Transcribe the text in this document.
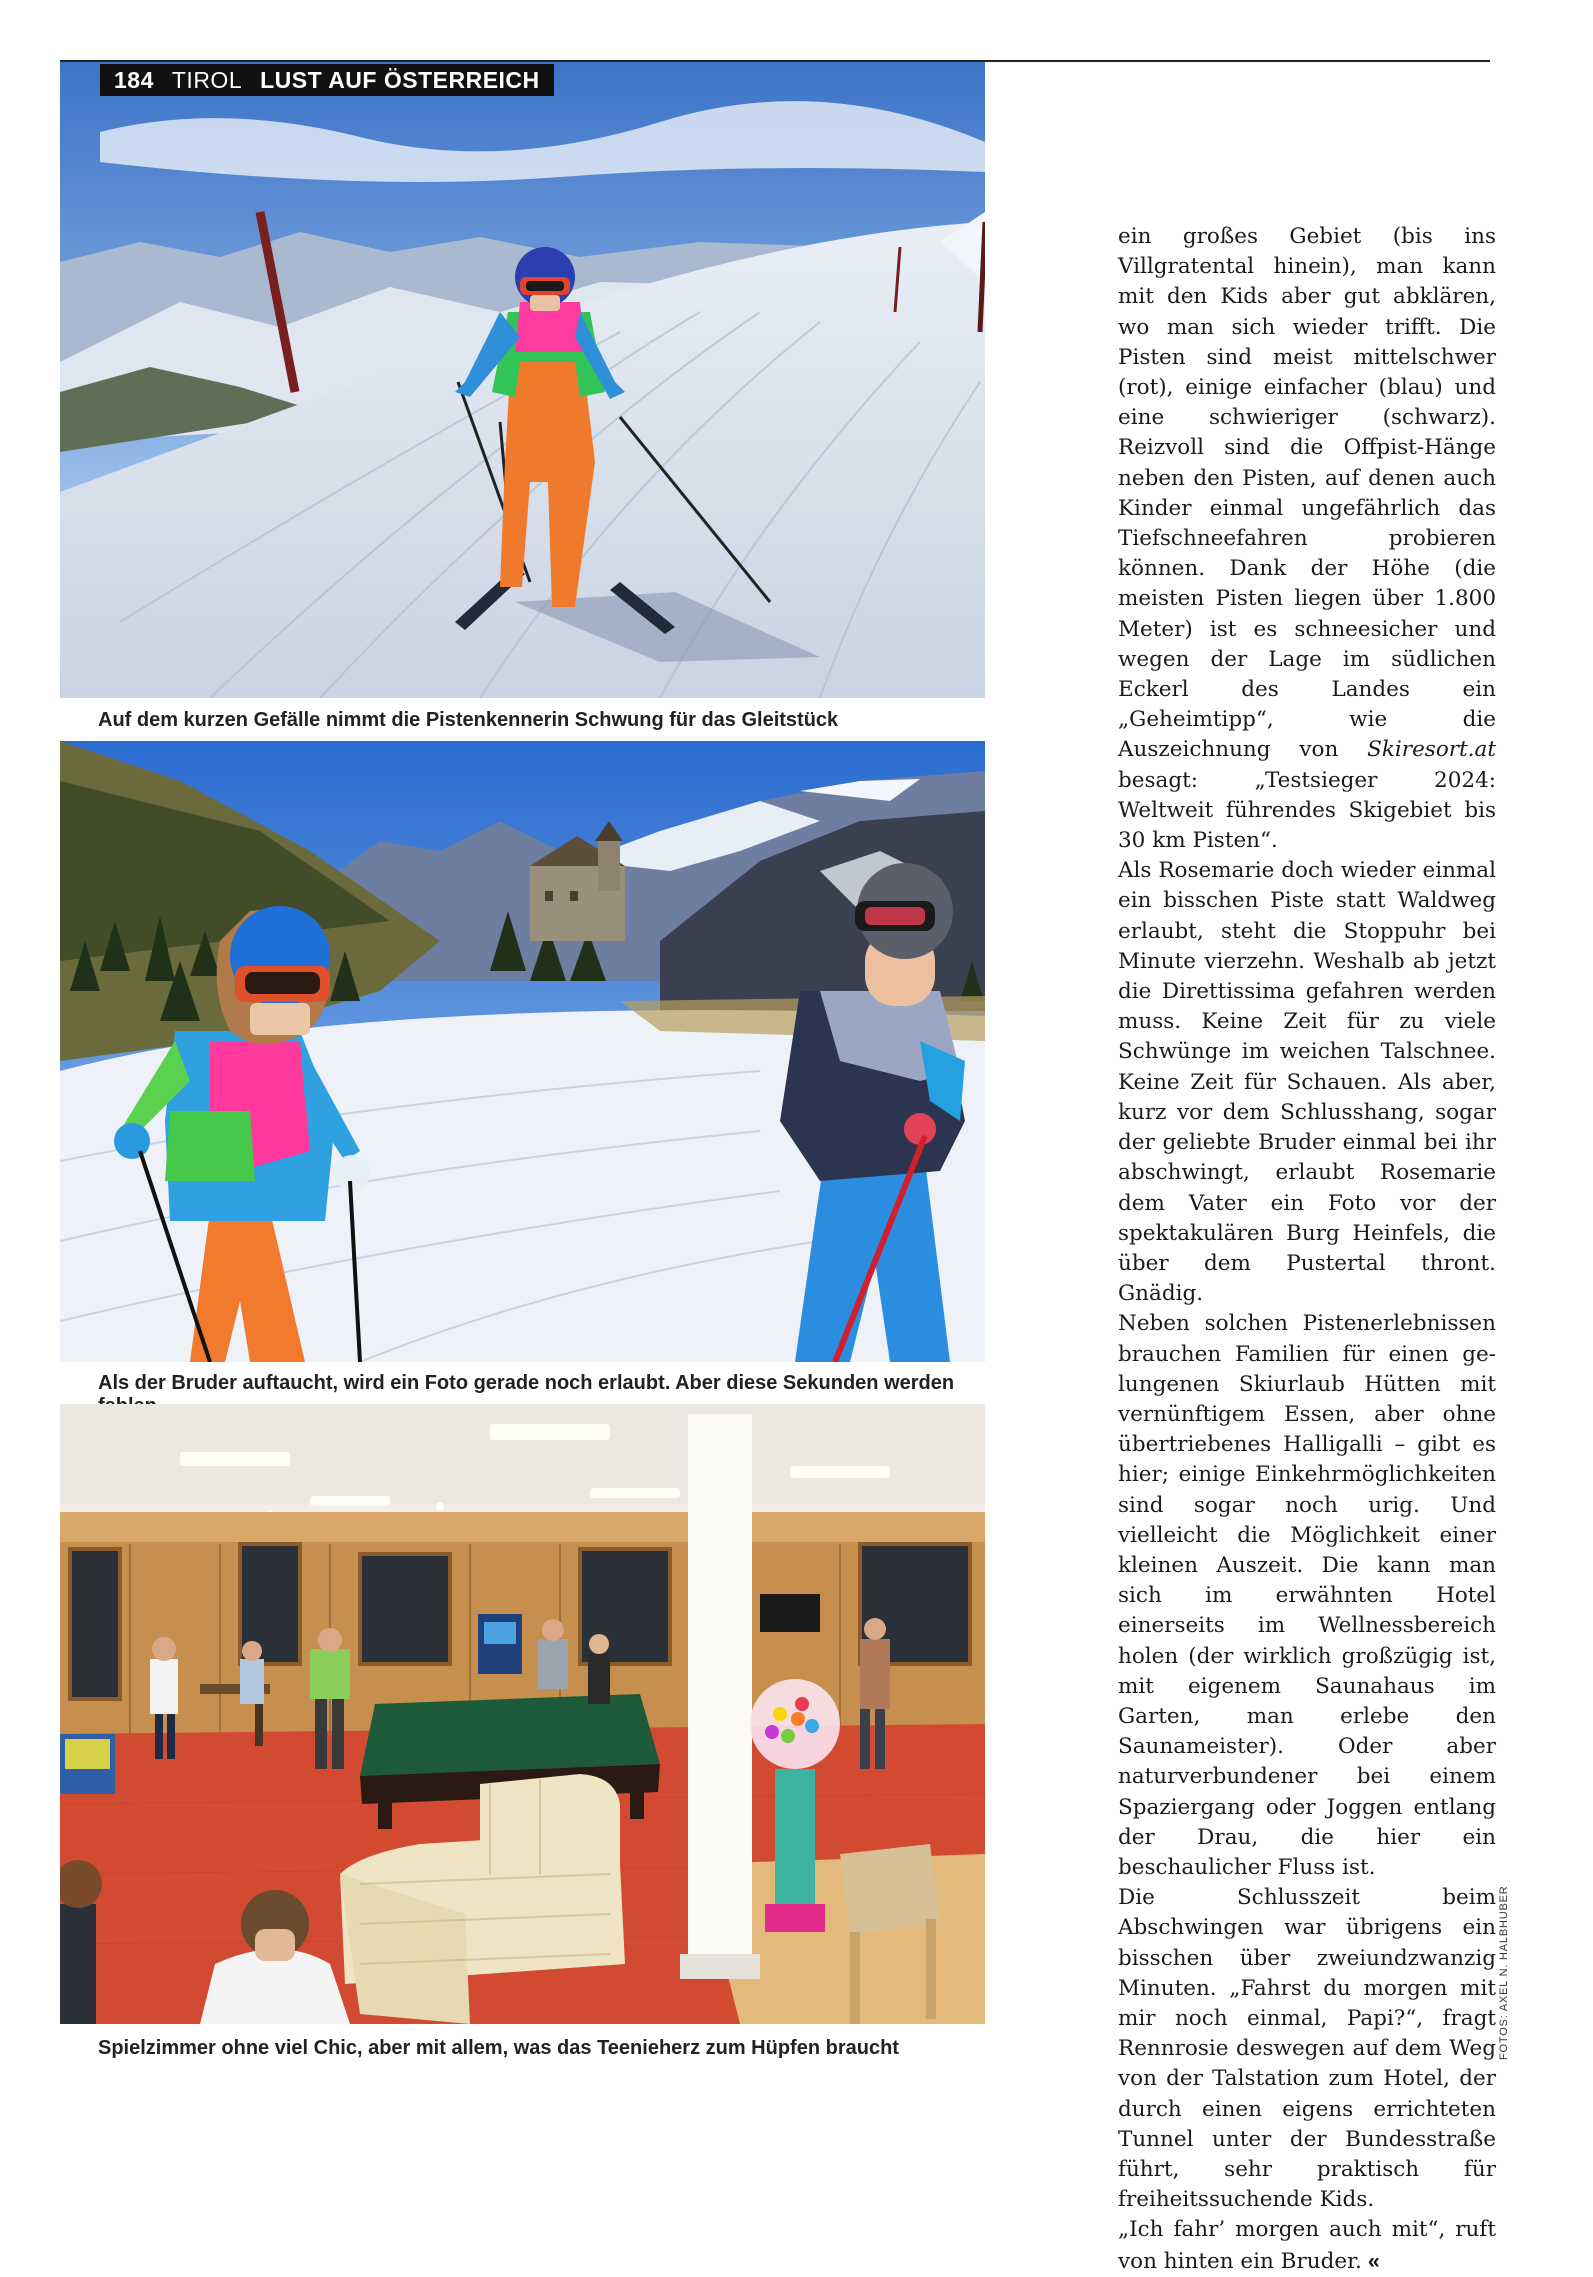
184 TIROL LUST AUF ÖSTERREICH
Auf dem kurzen Gefälle nimmt die Pistenkennerin Schwung für das Gleitstück
Als der Bruder auftaucht, wird ein Foto gerade noch erlaubt. Aber diese Sekunden werden
Spielzimmer ohne viel Chic, aber mit allem, was das Teenieherz zum Hüpfen braucht

ein großes Gebiet (bis ins Villgratental hinein), man kann mit den Kids aber gut abklären, wo man sich wieder trifft. Die Pisten sind meist mittelschwer (rot), einige einfacher (blau) und eine schwieriger (schwarz). Reizvoll sind die Offpist-Hänge neben den Pisten, auf denen auch Kinder einmal ungefährlich das Tiefschneefahren probieren können. Dank der Höhe (die meisten Pisten liegen über 1.800 Meter) ist es schneesicher und wegen der Lage im südlichen Eckerl des Landes ein „Geheimtipp“, wie die Auszeichnung von Skiresort.at besagt: „Testsieger 2024: Weltweit führendes Skigebiet bis 30 km Pisten“.

Als Rosemarie doch wieder einmal ein bisschen Piste statt Waldweg erlaubt, steht die Stoppuhr bei Minute vierzehn. Weshalb ab jetzt die Direttissima gefahren werden muss. Keine Zeit für zu viele Schwünge im weichen Talschnee. Keine Zeit für Schauen. Als aber, kurz vor dem Schlusshang, sogar der geliebte Bruder einmal bei ihr abschwingt, erlaubt Rosemarie dem Vater ein Foto vor der spektakulären Burg Heinfels, die über dem Pustertal thront. Gnädig.

Neben solchen Pistenerlebnissen brauchen Familien für einen gelungenen Skiurlaub Hütten mit vernünftigem Essen, aber ohne übertriebenes Halligalli – gibt es hier; einige Einkehrmöglichkeiten sind sogar noch urig. Und vielleicht die Möglichkeit einer kleinen Auszeit. Die kann man sich im erwähnten Hotel einerseits im Wellnessbereich holen (der wirklich großzügig ist, mit eigenem Saunahaus im Garten, man erlebe den Saunameister). Oder aber naturverbundener bei einem Spaziergang oder Joggen entlang der Drau, die hier ein beschaulicher Fluss ist.

Die Schlusszeit beim Abschwingen war übrigens ein bisschen über zweiundzwanzig Minuten. „Fahrst du morgen mit mir noch einmal, Papi?“, fragt Rennrosie deswegen auf dem Weg von der Talstation zum Hotel, der durch einen eigens errichteten Tunnel unter der Bundesstraße führt, sehr praktisch für freiheitssuchende Kids.

„Ich fahr’ morgen auch mit“, ruft von hinten ein Bruder. «

FOTOS: AXEL N. HALBHUBER
